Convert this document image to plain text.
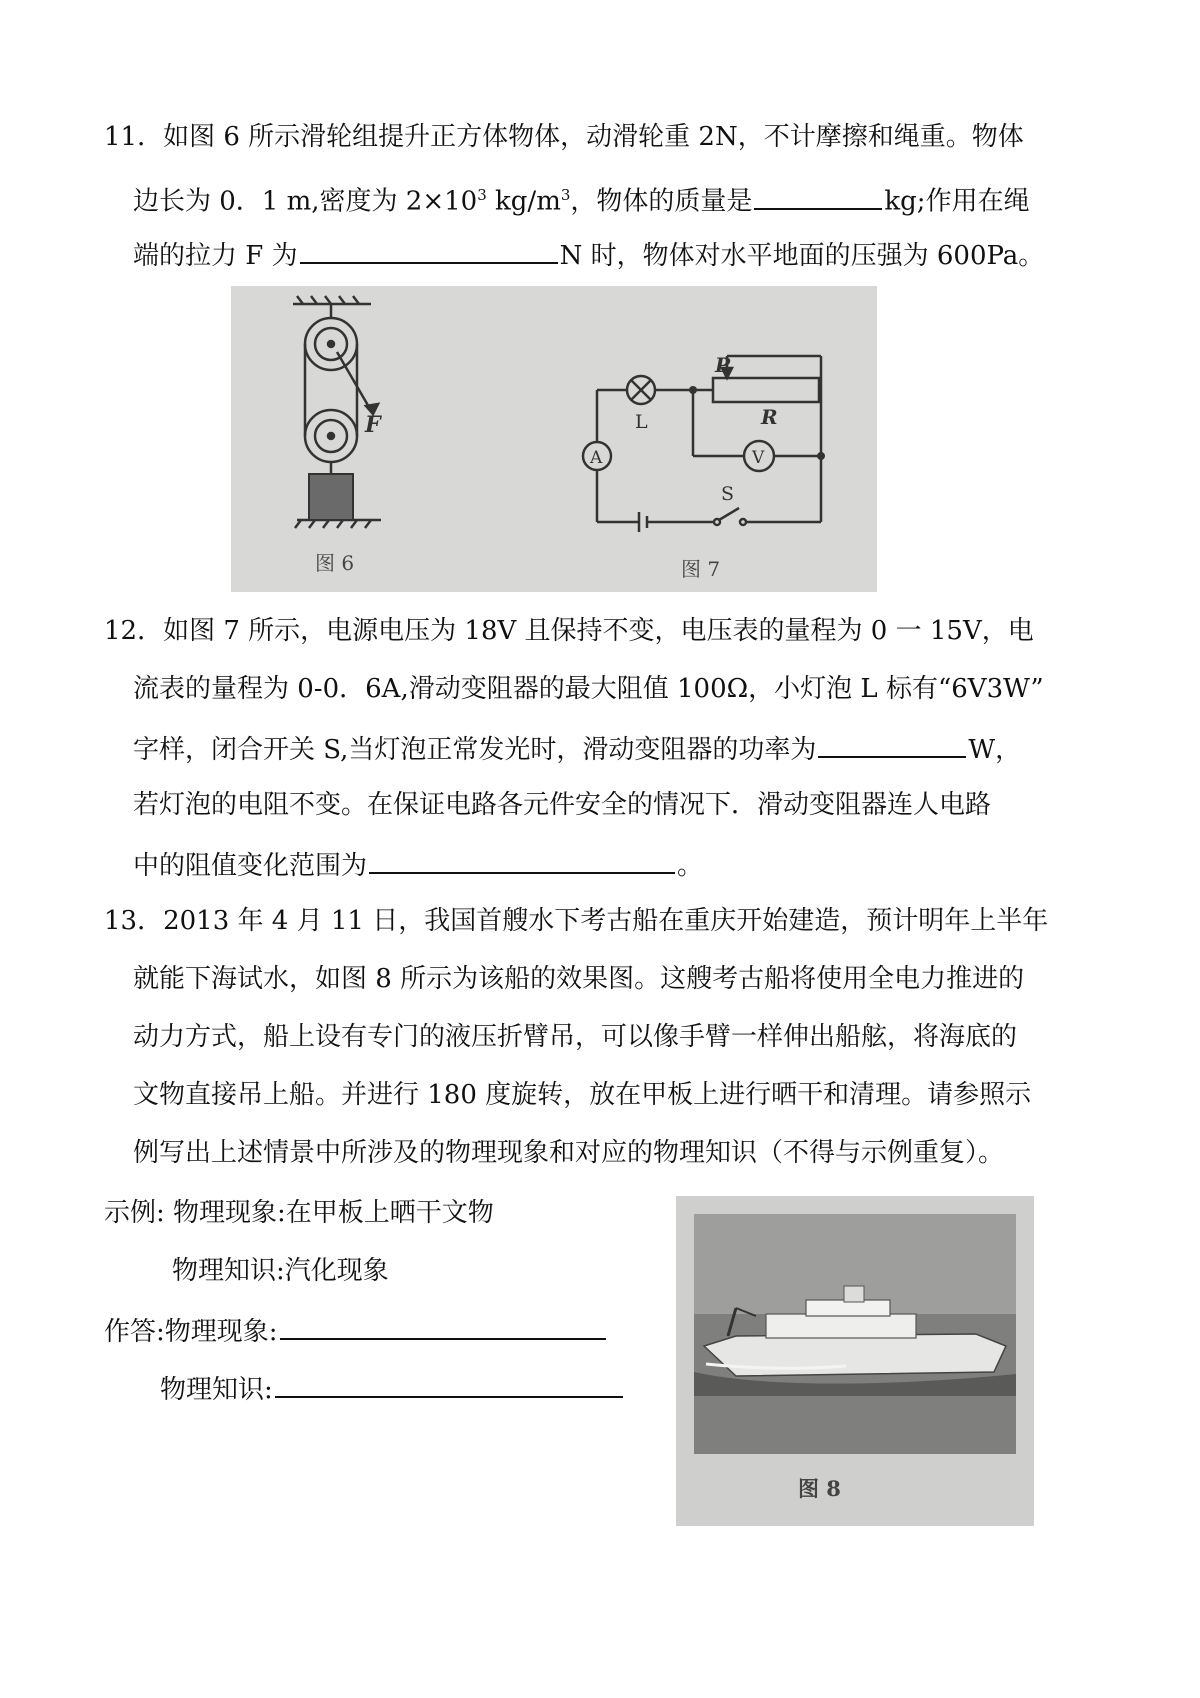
11．如图 6 所示滑轮组提升正方体物体，动滑轮重 2N，不计摩擦和绳重。物体
边长为 0．1 m,密度为 $2\times 10^3$ $kg/m^3$，物体的质量是	kg;作用在绳
端的拉力 F 为	N 时，物体对水平地面的压强为 600Pa。
F
图 6
L	R
P
A	V
S
图 7
12．如图 7 所示，电源电压为 18V 且保持不变，电压表的量程为 0 一 15V，电
流表的量程为 0-0．6A,滑动变阻器的最大阻值 100Ω，小灯泡 L 标有“6V3W”
字样，闭合开关 S,当灯泡正常发光时，滑动变阻器的功率为	W，
若灯泡的电阻不变。在保证电路各元件安全的情况下．滑动变阻器连人电路
中的阻值变化范围为	。
13．2013 年 4 月 11 日，我国首艘水下考古船在重庆开始建造，预计明年上半年
就能下海试水，如图 8 所示为该船的效果图。这艘考古船将使用全电力推进的
动力方式，船上设有专门的液压折臂吊，可以像手臂一样伸出船舷，将海底的
文物直接吊上船。并进行 180 度旋转，放在甲板上进行晒干和清理。请参照示
例写出上述情景中所涉及的物理现象和对应的物理知识（不得与示例重复）。
示例: 物理现象:在甲板上晒干文物
物理知识:汽化现象
作答:物理现象:
物理知识:
图 8
